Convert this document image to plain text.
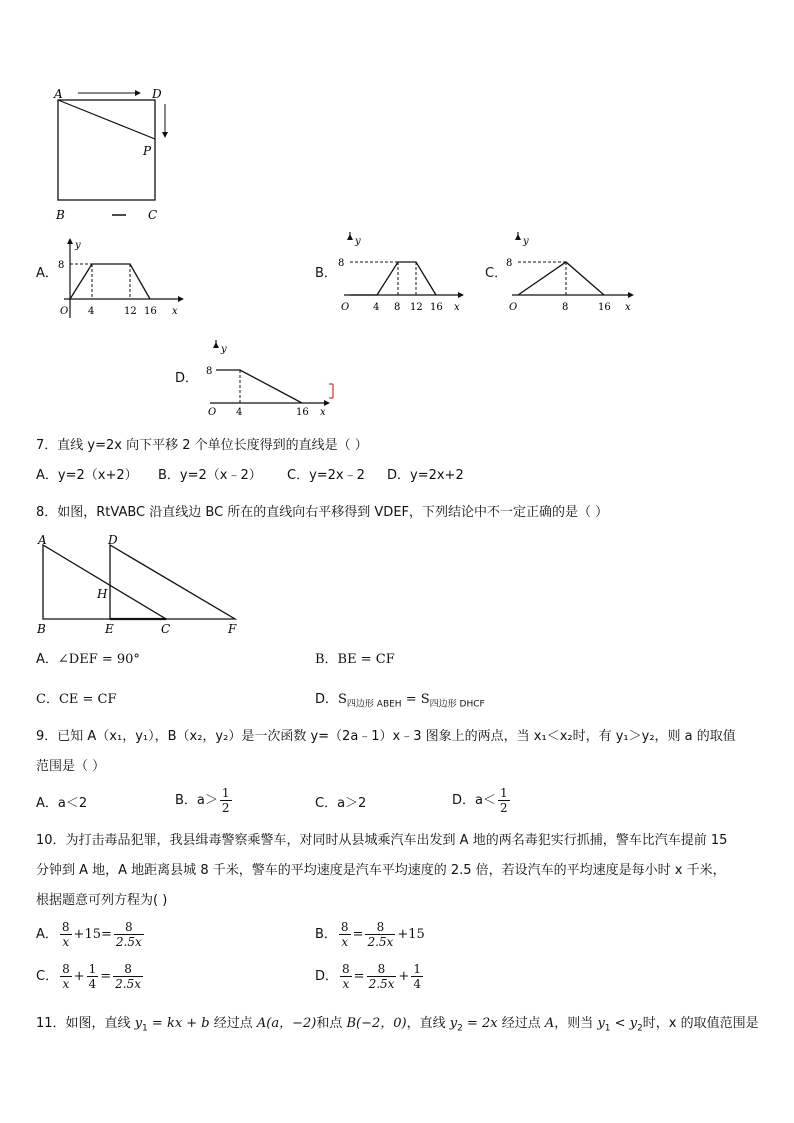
A	D
P
B	C
A．
y
8
O 4	12 16 x
B．
y
8
O 4 8 12 16 x
C．
y
8
O	8	16 x
D．
y
8
O 4	16 x
7．直线 y=2x 向下平移 2 个单位长度得到的直线是（ ）
A．y=2（x+2） B．y=2（x﹣2） C．y=2x﹣2 D．y=2x+2
8．如图，RtVABC 沿直线边 BC 所在的直线向右平移得到 VDEF，下列结论中不一定正确的是（ ）
A	D
H
B	E	C	F
A．∠DEF = 90°	B．BE = CF
C．CE = CF	D．$S_{四边形 ABEH} = S_{四边形 DHCF}$
9．已知 A（x₁，y₁），B（x₂，y₂）是一次函数 y=（2a﹣1）x﹣3 图象上的两点，当 x₁＜x₂时，有 y₁＞y₂，则 a 的取值
范围是（ ）
A．a＜2	B．$a> \frac{1}{2}$	C．a＞2	D．$a< \frac{1}{2}$
10．为打击毒品犯罪，我县缉毒警察乘警车，对同时从县城乘汽车出发到 A 地的两名毒犯实行抓捕，警车比汽车提前 15
分钟到 A 地，A 地距离县城 8 千米，警车的平均速度是汽车平均速度的 2.5 倍，若设汽车的平均速度是每小时 x 千米，
根据题意可列方程为( )
A． $\frac{8}{x} +15= \frac{8}{2.5x}$	B． $\frac{8}{x} = \frac{8}{2.5x} +15$
C． $\frac{8}{x} + \frac{1}{4} = \frac{8}{2.5x}$	D． $\frac{8}{x} = \frac{8}{2.5x} + \frac{1}{4}$
11．如图，直线 $y_1$ = kx + b 经过点 A(a，−2)和点 B(−2，0)，直线 $y_2 = 2x$ 经过点 A，则当 $y_1 < y_2$时，x 的取值范围是
